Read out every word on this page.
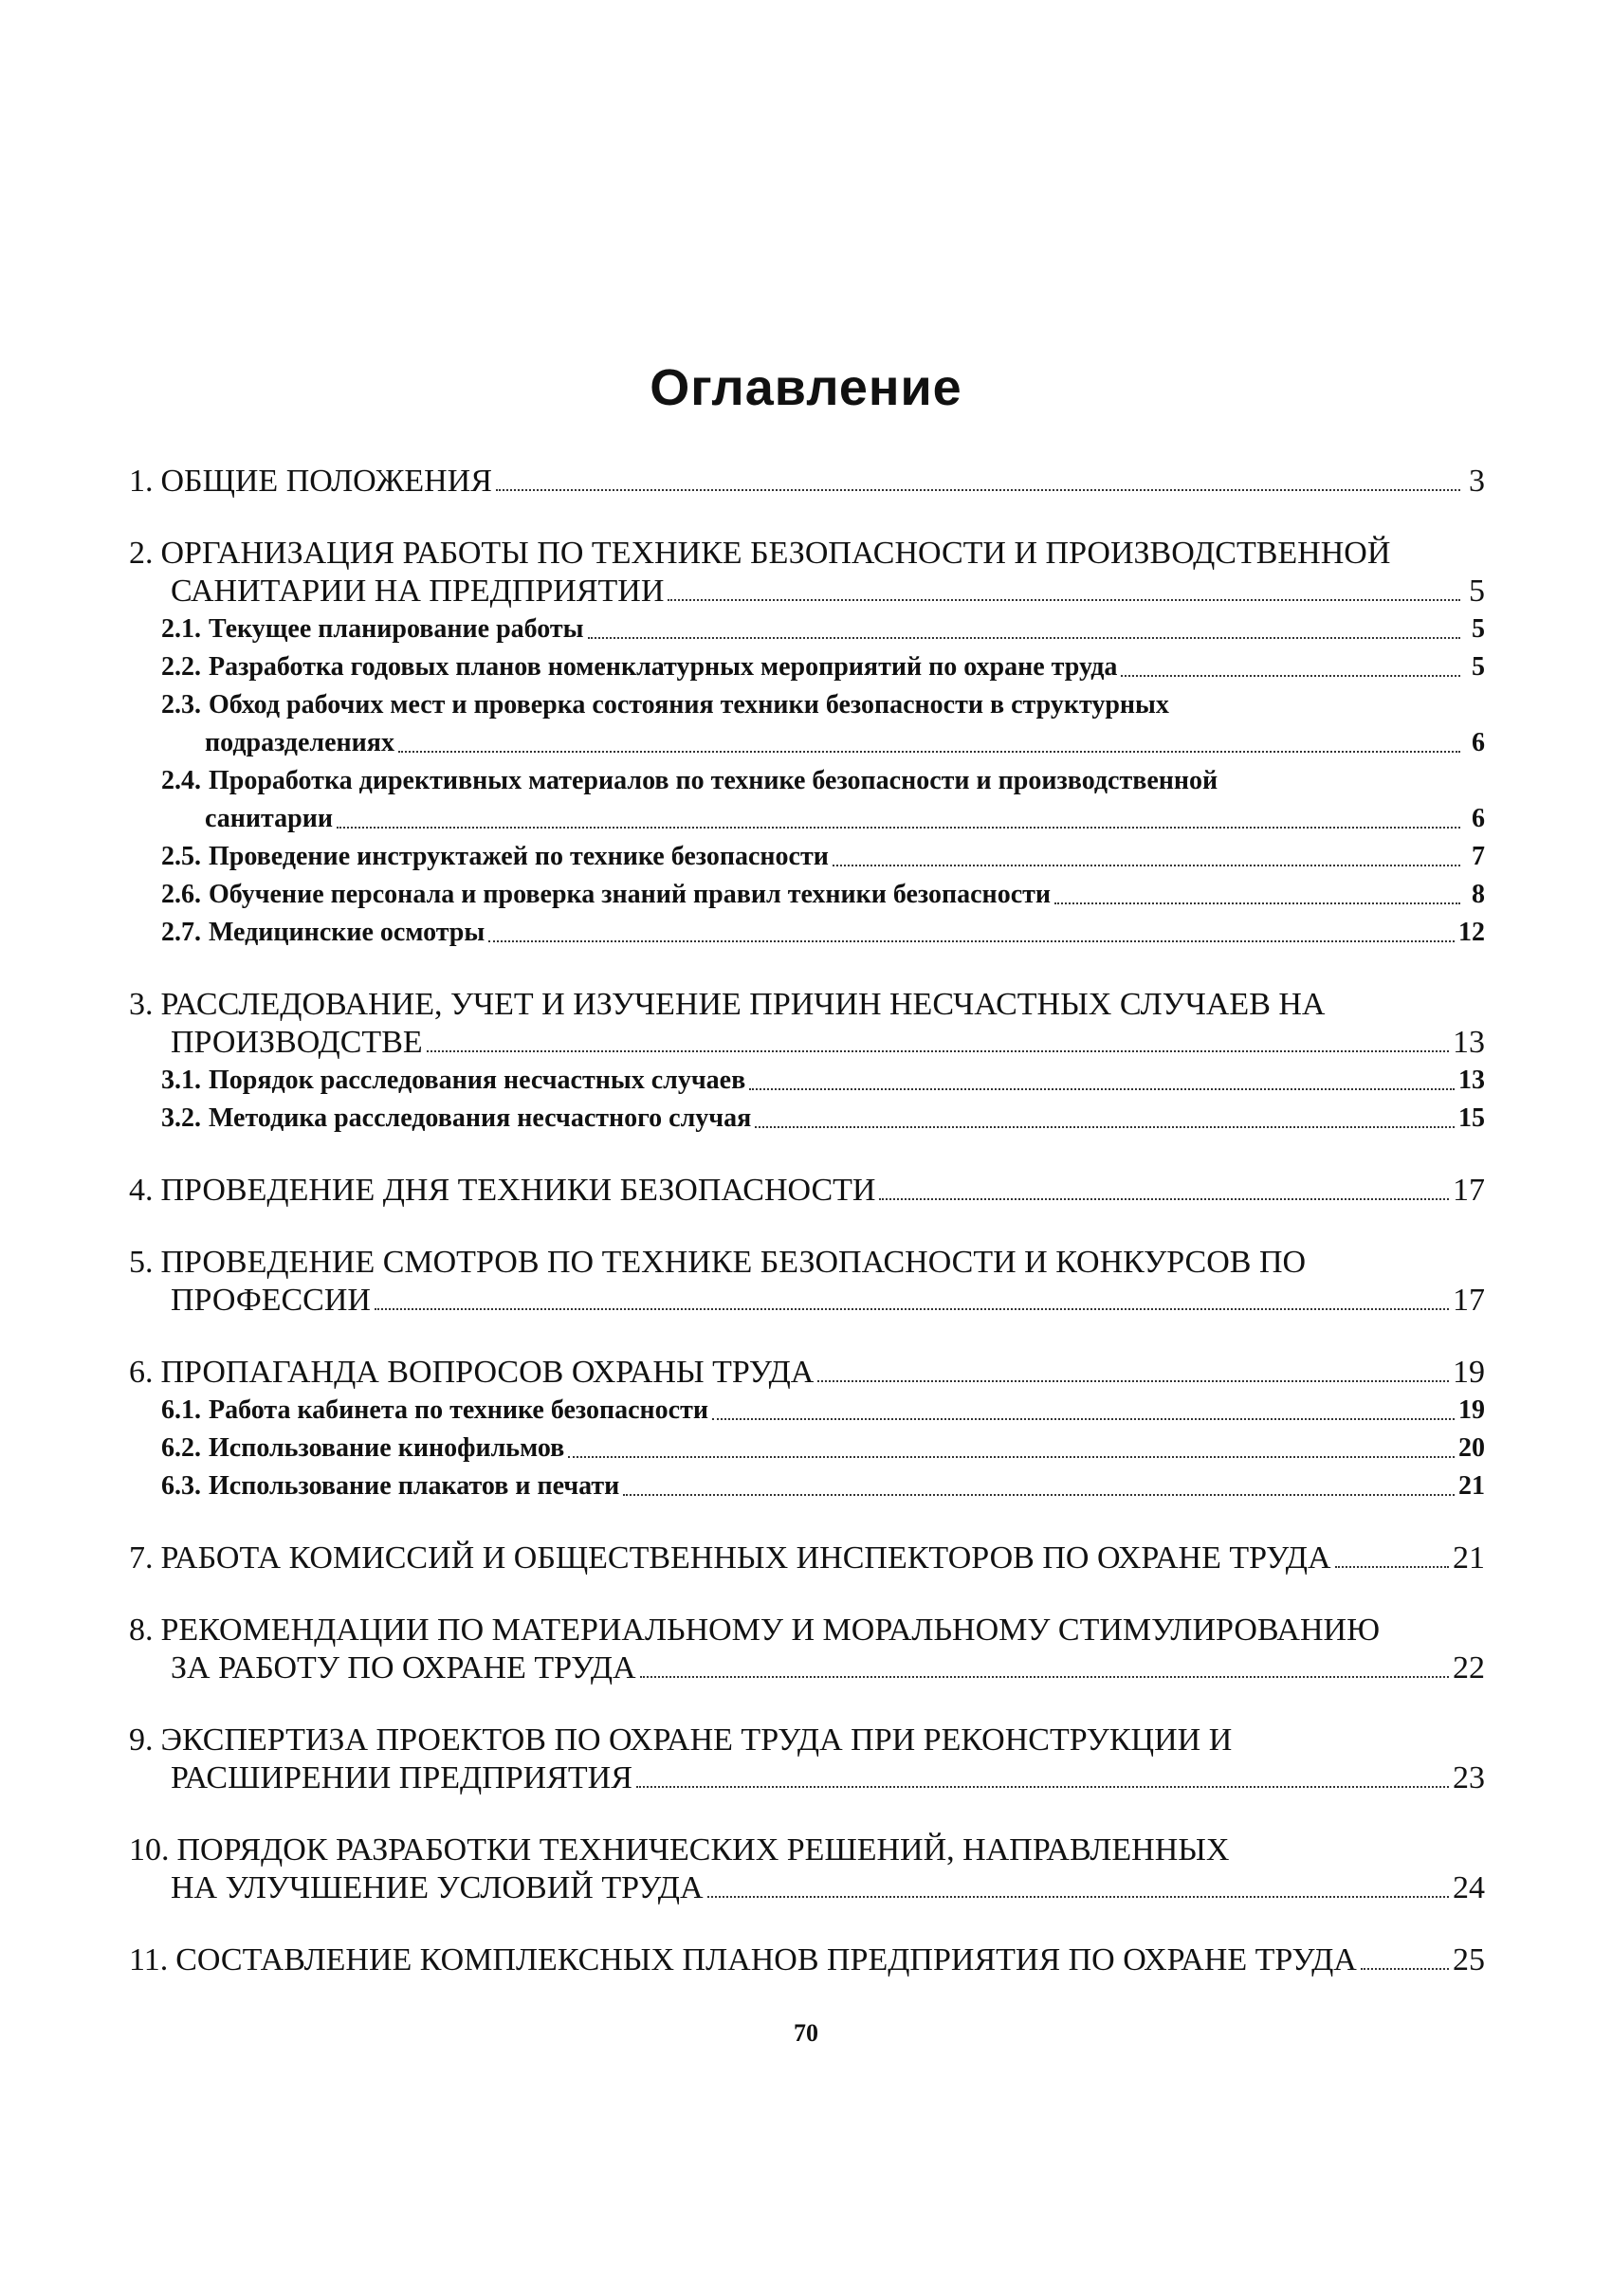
Оглавление
1. ОБЩИЕ ПОЛОЖЕНИЯ	3
2. ОРГАНИЗАЦИЯ РАБОТЫ ПО ТЕХНИКЕ БЕЗОПАСНОСТИ И ПРОИЗВОДСТВЕННОЙ
САНИТАРИИ НА ПРЕДПРИЯТИИ	5
2.1. Текущее планирование работы	5
2.2. Разработка годовых планов номенклатурных мероприятий по охране труда	5
2.3. Обход рабочих мест и проверка состояния техники безопасности в структурных
подразделениях	6
2.4. Проработка директивных материалов по технике безопасности и производственной
санитарии	6
2.5. Проведение инструктажей по технике безопасности	7
2.6. Обучение персонала и проверка знаний правил техники безопасности	8
2.7. Медицинские осмотры	12
3. РАССЛЕДОВАНИЕ, УЧЕТ И ИЗУЧЕНИЕ ПРИЧИН НЕСЧАСТНЫХ СЛУЧАЕВ НА
ПРОИЗВОДСТВЕ	13
3.1. Порядок расследования несчастных случаев	13
3.2. Методика расследования несчастного случая	15
4. ПРОВЕДЕНИЕ ДНЯ ТЕХНИКИ БЕЗОПАСНОСТИ	17
5. ПРОВЕДЕНИЕ СМОТРОВ ПО ТЕХНИКЕ БЕЗОПАСНОСТИ И КОНКУРСОВ ПО
ПРОФЕССИИ	17
6. ПРОПАГАНДА ВОПРОСОВ ОХРАНЫ ТРУДА	19
6.1. Работа кабинета по технике безопасности	19
6.2. Использование кинофильмов	20
6.3. Использование плакатов и печати	21
7. РАБОТА КОМИССИЙ И ОБЩЕСТВЕННЫХ ИНСПЕКТОРОВ ПО ОХРАНЕ ТРУДА	21
8. РЕКОМЕНДАЦИИ ПО МАТЕРИАЛЬНОМУ И МОРАЛЬНОМУ СТИМУЛИРОВАНИЮ
ЗА РАБОТУ ПО ОХРАНЕ ТРУДА	22
9. ЭКСПЕРТИЗА ПРОЕКТОВ ПО ОХРАНЕ ТРУДА ПРИ РЕКОНСТРУКЦИИ И
РАСШИРЕНИИ ПРЕДПРИЯТИЯ	23
10. ПОРЯДОК РАЗРАБОТКИ ТЕХНИЧЕСКИХ РЕШЕНИЙ, НАПРАВЛЕННЫХ
НА УЛУЧШЕНИЕ УСЛОВИЙ ТРУДА	24
11. СОСТАВЛЕНИЕ КОМПЛЕКСНЫХ ПЛАНОВ ПРЕДПРИЯТИЯ ПО ОХРАНЕ ТРУДА	25
70
